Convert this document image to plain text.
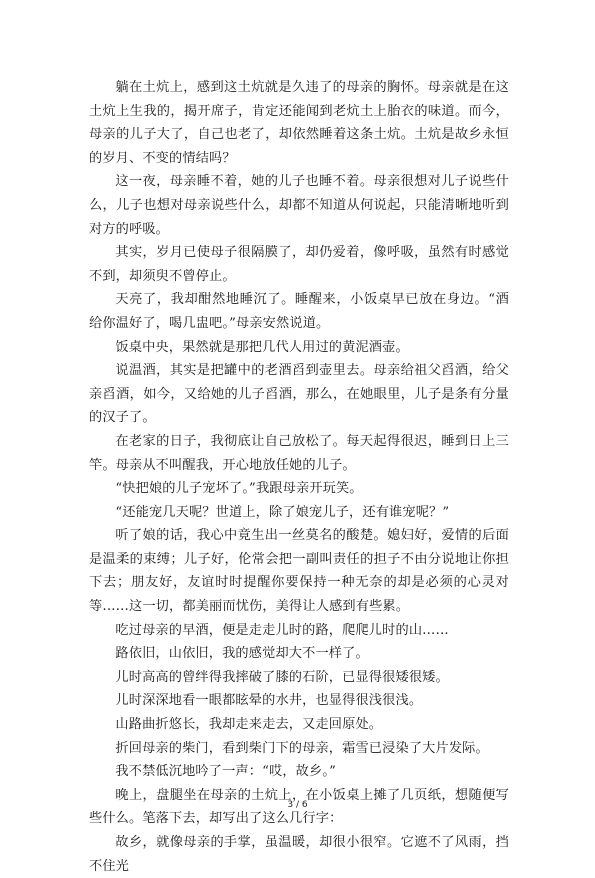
躺在土炕上，感到这土炕就是久违了的母亲的胸怀。母亲就是在这土炕上生我的，揭开席子，肯定还能闻到老炕土上胎衣的味道。而今，母亲的儿子大了，自己也老了，却依然睡着这条土炕。土炕是故乡永恒的岁月、不变的情结吗？

这一夜，母亲睡不着，她的儿子也睡不着。母亲很想对儿子说些什么，儿子也想对母亲说些什么，却都不知道从何说起，只能清晰地听到对方的呼吸。

其实，岁月已使母子很隔膜了，却仍爱着，像呼吸，虽然有时感觉不到，却须臾不曾停止。

天亮了，我却酣然地睡沉了。睡醒来，小饭桌早已放在身边。“酒给你温好了，喝几盅吧。”母亲安然说道。

饭桌中央，果然就是那把几代人用过的黄泥酒壶。

说温酒，其实是把罐中的老酒舀到壶里去。母亲给祖父舀酒，给父亲舀酒，如今，又给她的儿子舀酒，那么，在她眼里，儿子是条有分量的汉子了。

在老家的日子，我彻底让自己放松了。每天起得很迟，睡到日上三竿。母亲从不叫醒我，开心地放任她的儿子。

“快把娘的儿子宠坏了。”我跟母亲开玩笑。

“还能宠几天呢？世道上，除了娘宠儿子，还有谁宠呢？”

听了娘的话，我心中竟生出一丝莫名的酸楚。媳妇好，爱情的后面是温柔的束缚；儿子好，伦常会把一副叫责任的担子不由分说地让你担下去；朋友好，友谊时时提醒你要保持一种无奈的却是必须的心灵对等……这一切，都美丽而忧伤，美得让人感到有些累。

吃过母亲的早酒，便是走走儿时的路，爬爬儿时的山……

路依旧，山依旧，我的感觉却大不一样了。

儿时高高的曾绊得我摔破了膝的石阶，已显得很矮很矮。

儿时深深地看一眼都眩晕的水井，也显得很浅很浅。

山路曲折悠长，我却走来走去，又走回原处。

折回母亲的柴门，看到柴门下的母亲，霜雪已浸染了大片发际。

我不禁低沉地吟了一声：“哎，故乡。”

晚上，盘腿坐在母亲的土炕上，在小饭桌上摊了几页纸，想随便写些什么。笔落下去，却写出了这么几行字：

故乡，就像母亲的手掌，虽温暖，却很小很窄。它遮不了风雨，挡不住光

3 / 6
